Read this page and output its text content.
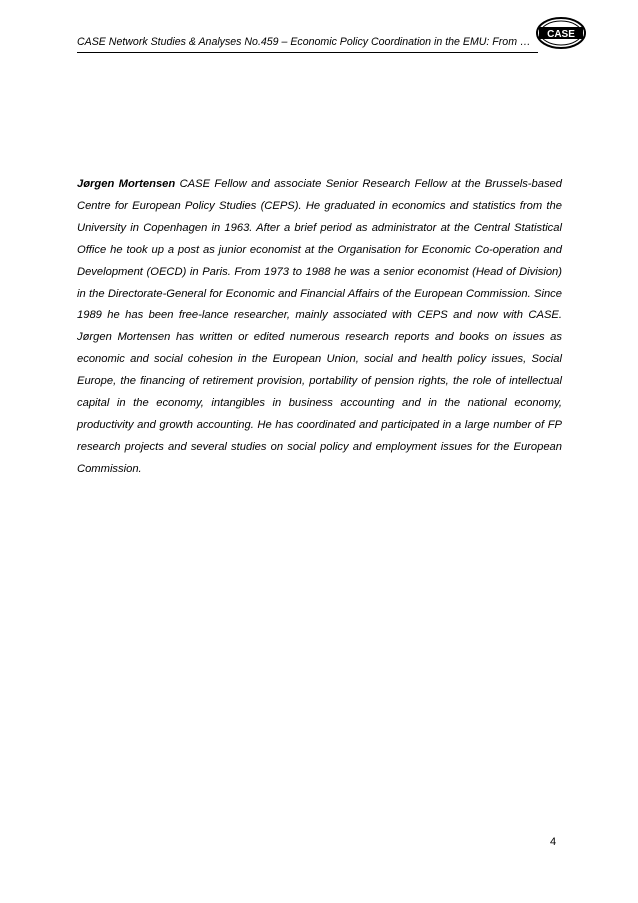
CASE Network Studies & Analyses No.459 – Economic Policy Coordination in the EMU: From …
CASE

Jørgen Mortensen CASE Fellow and associate Senior Research Fellow at the Brussels-based Centre for European Policy Studies (CEPS). He graduated in economics and statistics from the University in Copenhagen in 1963. After a brief period as administrator at the Central Statistical Office he took up a post as junior economist at the Organisation for Economic Co-operation and Development (OECD) in Paris. From 1973 to 1988 he was a senior economist (Head of Division) in the Directorate-General for Economic and Financial Affairs of the European Commission. Since 1989 he has been free-lance researcher, mainly associated with CEPS and now with CASE. Jørgen Mortensen has written or edited numerous research reports and books on issues as economic and social cohesion in the European Union, social and health policy issues, Social Europe, the financing of retirement provision, portability of pension rights, the role of intellectual capital in the economy, intangibles in business accounting and in the national economy, productivity and growth accounting. He has coordinated and participated in a large number of FP research projects and several studies on social policy and employment issues for the European Commission.

4
